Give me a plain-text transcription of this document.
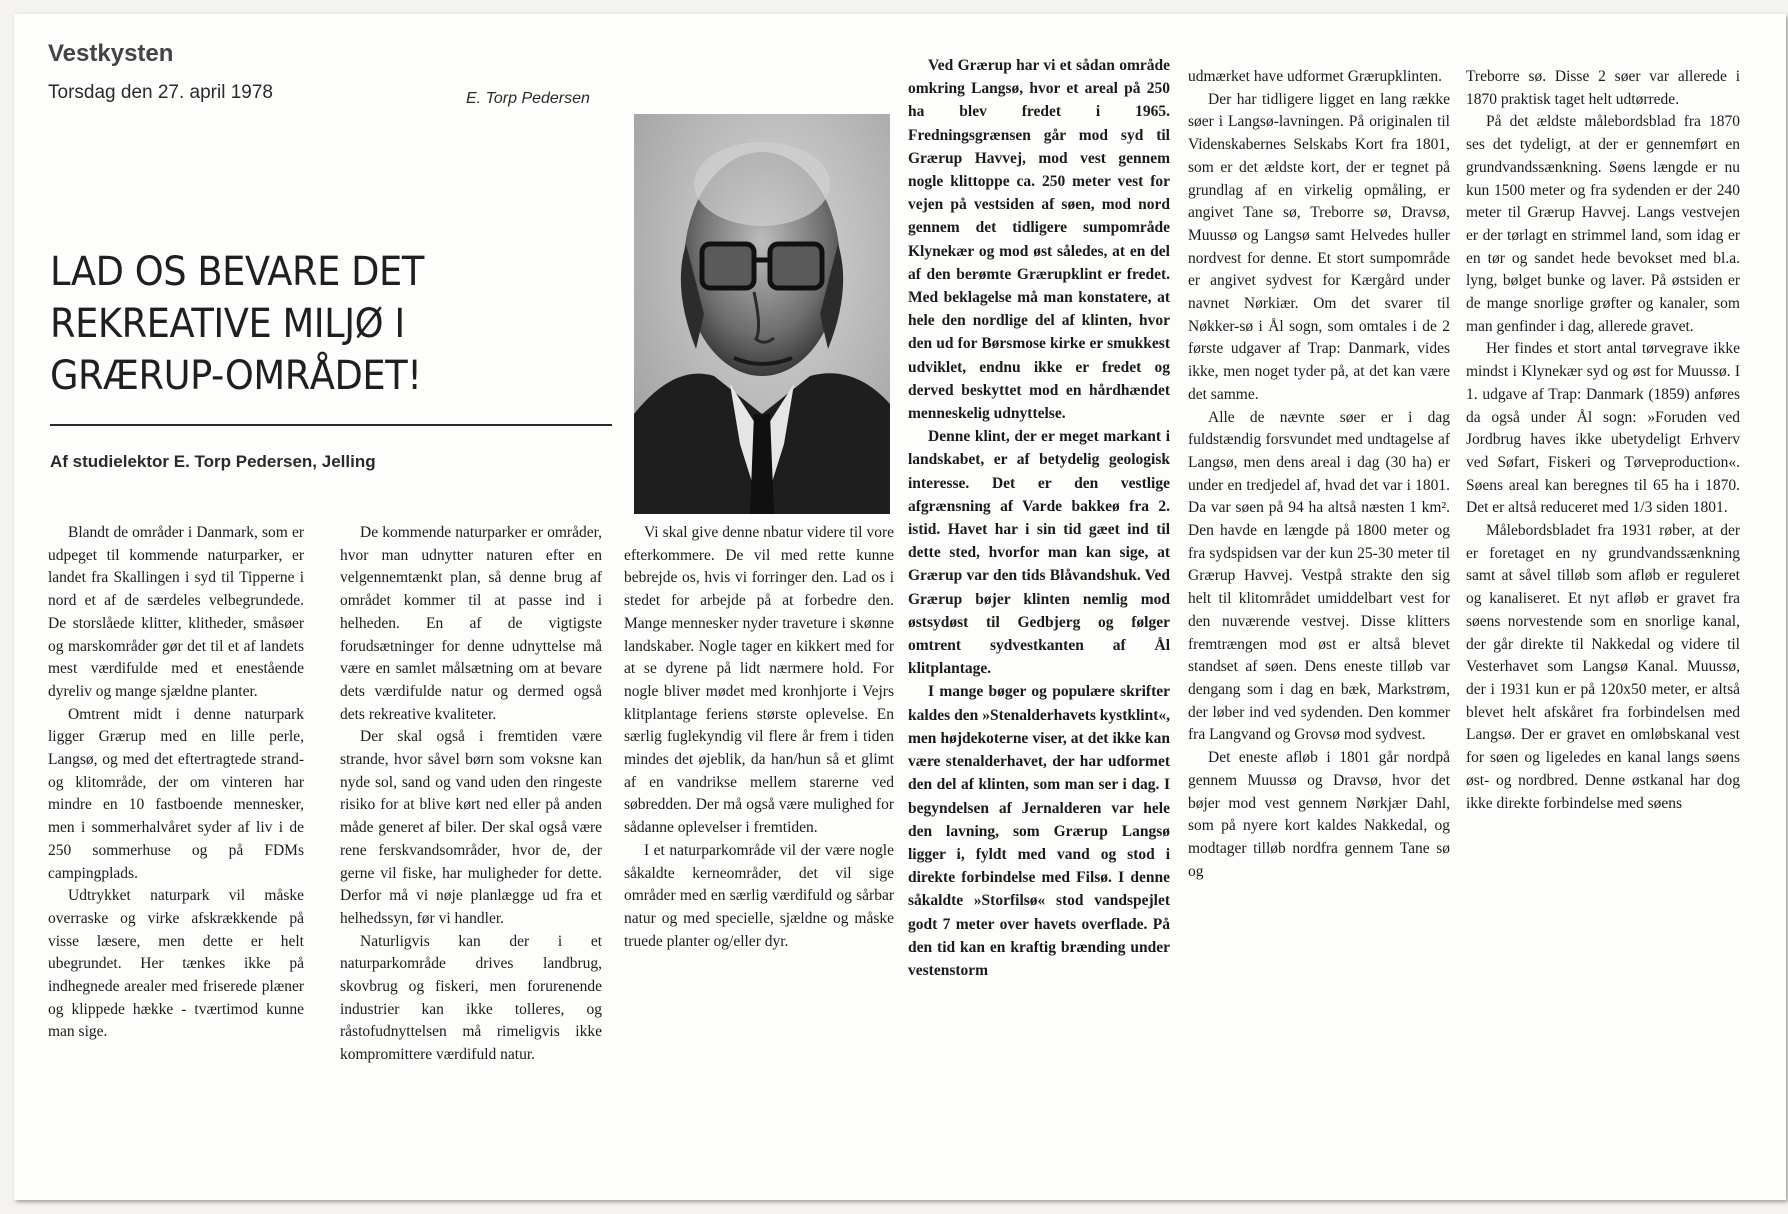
Vestkysten
Torsdag den 27. april 1978	E. Torp Pedersen
LAD OS BEVARE DET
REKREATIVE MILJØ I
GRÆRUP-OMRÅDET!
Af studielektor E. Torp Pedersen, Jelling

Blandt de områder i Danmark, som er udpeget til kommende naturparker, er landet fra Skallingen i syd til Tipperne i nord et af de særdeles velbegrundede. De storslåede klitter, klitheder, småsøer og marskområder gør det til et af landets mest værdifulde med et enestående dyreliv og mange sjældne planter.

Omtrent midt i denne naturpark ligger Grærup med en lille perle, Langsø, og med det eftertragtede strand- og klitområde, der om vinteren har mindre en 10 fastboende mennesker, men i sommerhalvåret syder af liv i de 250 sommerhuse og på FDMs campingplads.

Udtrykket naturpark vil måske overraske og virke afskrækkende på visse læsere, men dette er helt ubegrundet. Her tænkes ikke på indhegnede arealer med friserede plæner og klippede hække - tværtimod kunne man sige.

De kommende naturparker er områder, hvor man udnytter naturen efter en velgennemtænkt plan, så denne brug af området kommer til at passe ind i helheden. En af de vigtigste forudsætninger for denne udnyttelse må være en samlet målsætning om at bevare dets værdifulde natur og dermed også dets rekreative kvaliteter.

Der skal også i fremtiden være strande, hvor såvel børn som voksne kan nyde sol, sand og vand uden den ringeste risiko for at blive kørt ned eller på anden måde generet af biler. Der skal også være rene ferskvandsområder, hvor de, der gerne vil fiske, har muligheder for dette. Derfor må vi nøje planlægge ud fra et helhedssyn, før vi handler.

Naturligvis kan der i et naturparkområde drives landbrug, skovbrug og fiskeri, men forurenende industrier kan ikke tolleres, og råstofudnyttelsen må rimeligvis ikke kompromittere værdifuld natur.

Vi skal give denne nbatur videre til vore efterkommere. De vil med rette kunne bebrejde os, hvis vi forringer den. Lad os i stedet for arbejde på at forbedre den. Mange mennesker nyder traveture i skønne landskaber. Nogle tager en kikkert med for at se dyrene på lidt nærmere hold. For nogle bliver mødet med kronhjorte i Vejrs klitplantage feriens største oplevelse. En særlig fuglekyndig vil flere år frem i tiden mindes det øjeblik, da han/hun så et glimt af en vandrikse mellem starerne ved søbredden. Der må også være mulighed for sådanne oplevelser i fremtiden.

I et naturparkområde vil der være nogle såkaldte kerneområder, det vil sige områder med en særlig værdifuld og sårbar natur og med specielle, sjældne og måske truede planter og/eller dyr.

Ved Grærup har vi et sådan område omkring Langsø, hvor et areal på 250 ha blev fredet i 1965. Fredningsgrænsen går mod syd til Grærup Havvej, mod vest gennem nogle klittoppe ca. 250 meter vest for vejen på vestsiden af søen, mod nord gennem det tidligere sumpområde Klynekær og mod øst således, at en del af den berømte Grærupklint er fredet. Med beklagelse må man konstatere, at hele den nordlige del af klinten, hvor den ud for Børsmose kirke er smukkest udviklet, endnu ikke er fredet og derved beskyttet mod en hårdhændet menneskelig udnyttelse.

Denne klint, der er meget markant i landskabet, er af betydelig geologisk interesse. Det er den vestlige afgrænsning af Varde bakkeø fra 2. istid. Havet har i sin tid gæet ind til dette sted, hvorfor man kan sige, at Grærup var den tids Blåvandshuk. Ved Grærup bøjer klinten nemlig mod østsydøst til Gedbjerg og følger omtrent sydvestkanten af Ål klitplantage.

I mange bøger og populære skrifter kaldes den »Stenalderhavets kystklint«, men højdekoterne viser, at det ikke kan være stenalderhavet, der har udformet den del af klinten, som man ser i dag. I begyndelsen af Jernalderen var hele den lavning, som Grærup Langsø ligger i, fyldt med vand og stod i direkte forbindelse med Filsø. I denne såkaldte »Storfilsø« stod vandspejlet godt 7 meter over havets overflade. På den tid kan en kraftig brænding under vestenstorm

udmærket have udformet Grærupklinten.

Der har tidligere ligget en lang række søer i Langsø-lavningen. På originalen til Videnskabernes Selskabs Kort fra 1801, som er det ældste kort, der er tegnet på grundlag af en virkelig opmåling, er angivet Tane sø, Treborre sø, Dravsø, Muussø og Langsø samt Helvedes huller nordvest for denne. Et stort sumpområde er angivet sydvest for Kærgård under navnet Nørkiær. Om det svarer til Nøkker-sø i Ål sogn, som omtales i de 2 første udgaver af Trap: Danmark, vides ikke, men noget tyder på, at det kan være det samme.

Alle de nævnte søer er i dag fuldstændig forsvundet med undtagelse af Langsø, men dens areal i dag (30 ha) er under en tredjedel af, hvad det var i 1801. Da var søen på 94 ha altså næsten 1 km². Den havde en længde på 1800 meter og fra sydspidsen var der kun 25-30 meter til Grærup Havvej. Vestpå strakte den sig helt til klitområdet umiddelbart vest for den nuværende vestvej. Disse klitters fremtrængen mod øst er altså blevet standset af søen. Dens eneste tilløb var dengang som i dag en bæk, Markstrøm, der løber ind ved sydenden. Den kommer fra Langvand og Grovsø mod sydvest.

Det eneste afløb i 1801 går nordpå gennem Muussø og Dravsø, hvor det bøjer mod vest gennem Nørkjær Dahl, som på nyere kort kaldes Nakkedal, og modtager tilløb nordfra gennem Tane sø og

Treborre sø. Disse 2 søer var allerede i 1870 praktisk taget helt udtørrede.

På det ældste målebordsblad fra 1870 ses det tydeligt, at der er gennemført en grundvandssænkning. Søens længde er nu kun 1500 meter og fra sydenden er der 240 meter til Grærup Havvej. Langs vestvejen er der tørlagt en strimmel land, som idag er en tør og sandet hede bevokset med bl.a. lyng, bølget bunke og laver. På østsiden er de mange snorlige grøfter og kanaler, som man genfinder i dag, allerede gravet.

Her findes et stort antal tørvegrave ikke mindst i Klynekær syd og øst for Muussø. I 1. udgave af Trap: Danmark (1859) anføres da også under Ål sogn: »Foruden ved Jordbrug haves ikke ubetydeligt Erhverv ved Søfart, Fiskeri og Tørveproduction«. Søens areal kan beregnes til 65 ha i 1870. Det er altså reduceret med 1/3 siden 1801.

Målebordsbladet fra 1931 røber, at der er foretaget en ny grundvandssænkning samt at såvel tilløb som afløb er reguleret og kanaliseret. Et nyt afløb er gravet fra søens norvestende som en snorlige kanal, der går direkte til Nakkedal og videre til Vesterhavet som Langsø Kanal. Muussø, der i 1931 kun er på 120x50 meter, er altså blevet helt afskåret fra forbindelsen med Langsø. Der er gravet en omløbskanal vest for søen og ligeledes en kanal langs søens øst- og nordbred. Denne østkanal har dog ikke direkte forbindelse med søens
